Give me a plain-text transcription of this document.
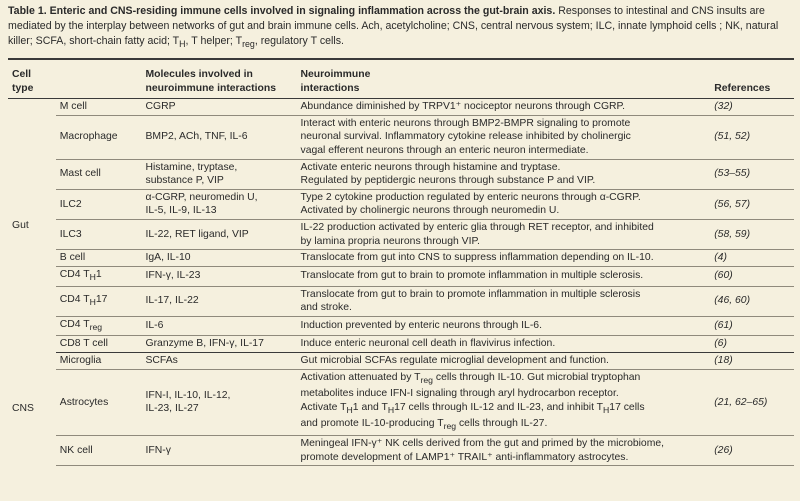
Table 1. Enteric and CNS-residing immune cells involved in signaling inflammation across the gut-brain axis. Responses to intestinal and CNS insults are mediated by the interplay between networks of gut and brain immune cells. Ach, acetylcholine; CNS, central nervous system; ILC, innate lymphoid cells ; NK, natural killer; SCFA, short-chain fatty acid; $T_H$, T helper; $T_{reg}$, regulatory T cells.
Cell
type		Molecules involved in
neuroimmune interactions	Neuroimmune
interactions	References
Gut	M cell	CGRP	Abundance diminished by TRPV1⁺ nociceptor neurons through CGRP.	(32)
	Macrophage	BMP2, ACh, TNF, IL-6	Interact with enteric neurons through BMP2-BMPR signaling to promote
neuronal survival. Inflammatory cytokine release inhibited by cholinergic
vagal efferent neurons through an enteric neuron intermediate.	(51, 52)
	Mast cell	Histamine, tryptase,
substance P, VIP	Activate enteric neurons through histamine and tryptase.
Regulated by peptidergic neurons through substance P and VIP.	(53–55)
	ILC2	α-CGRP, neuromedin U,
IL-5, IL-9, IL-13	Type 2 cytokine production regulated by enteric neurons through α-CGRP.
Activated by cholinergic neurons through neuromedin U.	(56, 57)
	ILC3	IL-22, RET ligand, VIP	IL-22 production activated by enteric glia through RET receptor, and inhibited
by lamina propria neurons through VIP.	(58, 59)
	B cell	IgA, IL-10	Translocate from gut into CNS to suppress inflammation depending on IL-10.	(4)
	CD4 $T_H1$	IFN-γ, IL-23	Translocate from gut to brain to promote inflammation in multiple sclerosis.	(60)
	CD4 $T_H17$	IL-17, IL-22	Translocate from gut to brain to promote inflammation in multiple sclerosis
and stroke.	(46, 60)
	CD4 $T_{reg}$	IL-6	Induction prevented by enteric neurons through IL-6.	(61)
	CD8 T cell	Granzyme B, IFN-γ, IL-17	Induce enteric neuronal cell death in flavivirus infection.	(6)
CNS	Microglia	SCFAs	Gut microbial SCFAs regulate microglial development and function.	(18)
	Astrocytes	IFN-I, IL-10, IL-12,
IL-23, IL-27	Activation attenuated by $T_{reg}$ cells through IL-10. Gut microbial tryptophan
metabolites induce IFN-I signaling through aryl hydrocarbon receptor.
Activate $T_H1$ and $T_H17$ cells through IL-12 and IL-23, and inhibit $T_H17$ cells
and promote IL-10-producing $T_{reg}$ cells through IL-27.	(21, 62–65)
	NK cell	IFN-γ	Meningeal IFN-γ⁺ NK cells derived from the gut and primed by the microbiome,
promote development of LAMP1⁺ TRAIL⁺ anti-inflammatory astrocytes.	(26)
